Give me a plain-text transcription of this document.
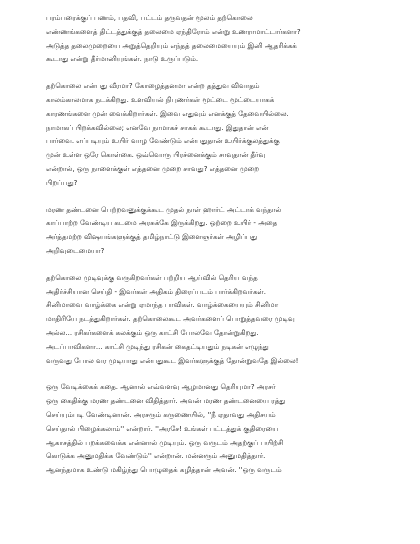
பரம்பரைக்குப் பணம், பதவி, பட்டம் தருவதன் மூலம் தற்கொலை
எண்ணங்களைத் திட்டத்துக்குத் தலைமை ஏந்திரோம் என்று உணராமாட்டார்களா?
அடுத்த தலைமுறையை அறுத்தெறியும் எந்தத் தலைமையையும் இனி ஆதரிக்கக்
கூடாது என்று தீர்மானியுங்கள். நாடு உருப்படும்.

தற்கொலை என்பது வீரமா? கோழைத்தனமா என்ற தத்துவ விவாதம்
காலம்காலமாக நடக்கிறது. உளவியல் நிபுணர்கள் மூட்டை மூட்டையாகக்
காரணங்களை முன் வைக்கிறார்கள். இவை எதுவும் எனக்குத் தேவையில்லை.
நாமாகப் பிறக்கவில்லை; எனவே நாமாகச் சாகக் கூடாது. இதுதான் என்
பார்வை. எப்படியும் உயிர் வாழ வேண்டும் என்பதுதான் உயிர்க்குலத்துக்கு
முன் உள்ள ஒரே கொள்கை. ஒவ்வொரு பிரச்னைக்கும் சாவுதான் தீர்வு
என்றால், ஒரு நாளைக்குள் எத்தனை முறை சாவது? எத்தனை முறை
பிறப்பது?

மரண தண்டனை பெற்றவனுக்குக்கூட முதல் நாள் ஹார்ட் அட்டாக் வந்தால்
காப்பாற்ற வேண்டிய கடமை அரசுக்கே இருக்கிறது. ஒற்றை உயிர் - அதை
அர்த்தமற்ற விஷயங்களுக்குத் தமிழ்நாட்டு இளைஞர்கள் அழிப்பது
அறிவுடைமையா?

தற்கொலை முடிவுக்கு வருகிறவர்கள் பற்றிய ஆய்வில் தெரிய வந்த
அதிர்ச்சியான செய்தி - இவர்கள் அதிகம் திரைப்படம் பார்க்கிறவர்கள்.
சினிமாவை வாழ்க்கை என்று ஏமாந்த பாவிகள். வாழ்க்கையையும் சினிமா
மாதிரியே நடத்துகிறார்கள். தற்கொலைகூட அவர்களைப் பொறுத்தவரை முடிவு
அல்ல... ரசிகர்களைக் கலக்கும் ஒரு காட்சி போலவே தோன்றுகிறது.
அடப்பாவிகளா... காட்சி முடிந்து ரசிகன் கைதட்டியதும் நடிகன் எழுந்து
வருவது போல வர முடியாது என்பதுகூட இவர்களுக்குத் தோன்றுவதே இல்லை!

ஒரு வேடிக்கைக் கதை. ஆனால் எவ்வளவு ஆழமானது தெரியுமா? அரசர்
ஒரு கைதிக்கு மரண தண்டனை விதித்தார். அவன் மரண தண்டனையை ரத்து
செய்யும்படி வேண்டினான். அரசரும் கருணையில், ''நீ ஏதாவது அதிசயம்
செய்தால் பிழைக்கலாம்'' என்றார். ''அரசே! உங்கள் பட்டத்துக் குதிரையை
ஆகாசத்தில் பறக்கவைக்க என்னால் முடியும். ஒரு வருடம் அதற்குப் பயிற்சி
கொடுக்க அனுமதிக்க வேண்டும்'' என்றான். மன்னரும் அனுமதித்தார்.
ஆனந்தமாக உண்டு மகிழ்ந்து பொழுதைக் கழித்தான் அவன். ''ஒரு வருடம்
